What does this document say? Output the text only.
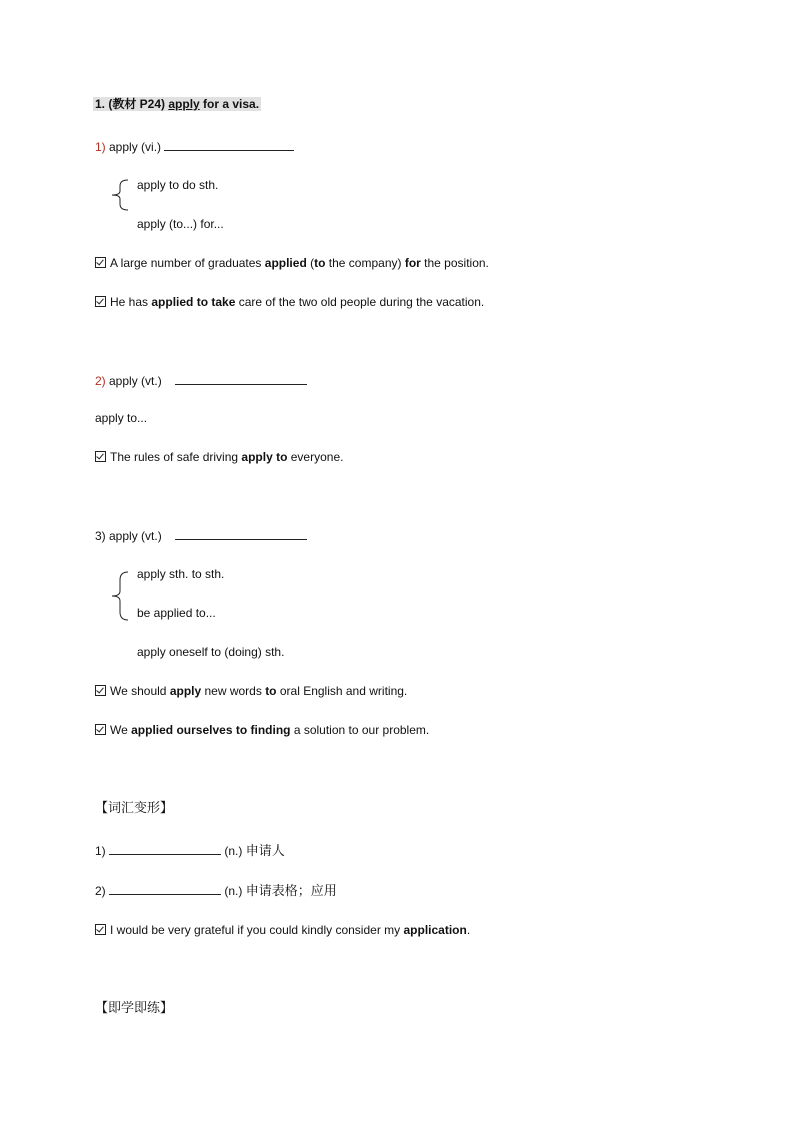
1. (教材 P24) apply for a visa.
1) apply (vi.)
apply to do sth.
apply (to...) for...
A large number of graduates applied (to the company) for the position.
He has applied to take care of the two old people during the vacation.
2) apply (vt.)
apply to...
The rules of safe driving apply to everyone.
3) apply (vt.)
apply sth. to sth.
be applied to...
apply oneself to (doing) sth.
We should apply new words to oral English and writing.
We applied ourselves to finding a solution to our problem.
【词汇变形】
1)	(n.) 申请人
2)	(n.) 申请表格；应用
I would be very grateful if you could kindly consider my application.
【即学即练】
